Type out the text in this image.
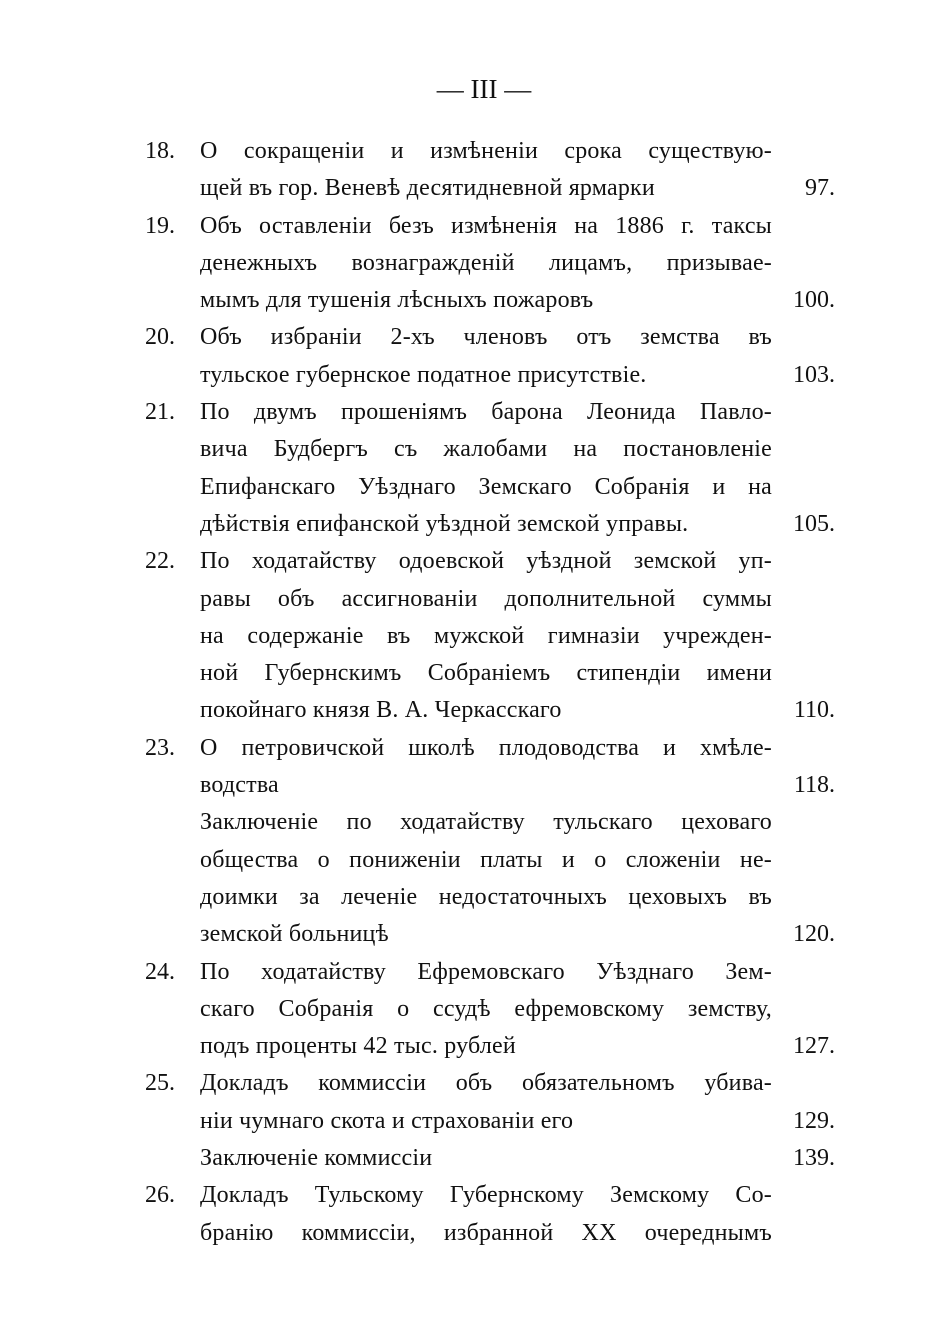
— III —
18.	О сокращеніи и измѣненіи срока существую-
щей въ гор. Веневѣ десятидневной ярмарки	97.
19.	Объ оставленіи безъ измѣненія на 1886 г. таксы
денежныхъ вознагражденій лицамъ, призывае-
мымъ для тушенія лѣсныхъ пожаровъ	100.
20.	Объ избраніи 2-хъ членовъ отъ земства въ
тульское губернское податное присутствіе.	103.
21.	По двумъ прошеніямъ барона Леонида Павло-
вича Будбергъ съ жалобами на постановленіе
Епифанскаго Уѣзднаго Земскаго Собранія и на
дѣйствія епифанской уѣздной земской управы.	105.
22.	По ходатайству одоевской уѣздной земской уп-
равы объ ассигнованіи дополнительной суммы
на содержаніе въ мужской гимназіи учрежден-
ной Губернскимъ Собраніемъ стипендіи имени
покойнаго князя В. А. Черкасскаго	110.
23.	О петровичской школѣ плодоводства и хмѣле-
водства	118.
Заключеніе по ходатайству тульскаго цеховаго
общества о пониженіи платы и о сложеніи не-
доимки за леченіе недостаточныхъ цеховыхъ въ
земской больницѣ	120.
24.	По ходатайству Ефремовскаго Уѣзднаго Зем-
скаго Собранія о ссудѣ ефремовскому земству,
подъ проценты 42 тыс. рублей	127.
25.	Докладъ коммиссіи объ обязательномъ убива-
ніи чумнаго скота и страхованіи его	129.
Заключеніе коммиссіи	139.
26.	Докладъ Тульскому Губернскому Земскому Со-
бранію коммиссіи, избранной XX очереднымъ
